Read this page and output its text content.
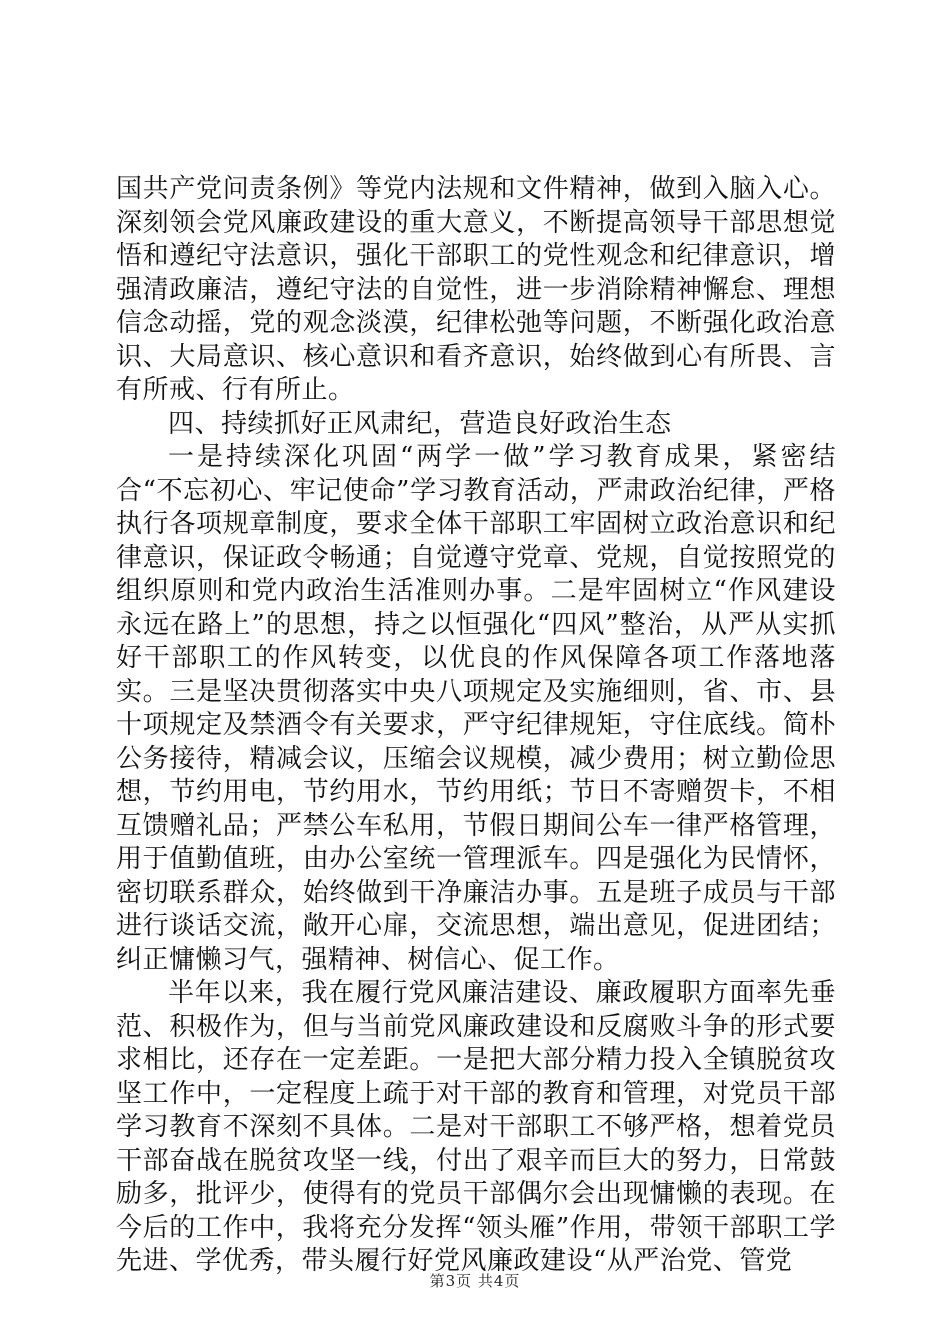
国共产党问责条例》等党内法规和文件精神，做到入脑入心。深刻领会党风廉政建设的重大意义，不断提高领导干部思想觉悟和遵纪守法意识，强化干部职工的党性观念和纪律意识，增强清政廉洁，遵纪守法的自觉性，进一步消除精神懈怠、理想信念动摇，党的观念淡漠，纪律松弛等问题，不断强化政治意识、大局意识、核心意识和看齐意识，始终做到心有所畏、言有所戒、行有所止。

四、持续抓好正风肃纪，营造良好政治生态

一是持续深化巩固“两学一做”学习教育成果，紧密结合“不忘初心、牢记使命”学习教育活动，严肃政治纪律，严格执行各项规章制度，要求全体干部职工牢固树立政治意识和纪律意识，保证政令畅通；自觉遵守党章、党规，自觉按照党的组织原则和党内政治生活准则办事。二是牢固树立“作风建设永远在路上”的思想，持之以恒强化“四风”整治，从严从实抓好干部职工的作风转变，以优良的作风保障各项工作落地落实。三是坚决贯彻落实中央八项规定及实施细则，省、市、县十项规定及禁酒令有关要求，严守纪律规矩，守住底线。简朴公务接待，精减会议，压缩会议规模，减少费用；树立勤俭思想，节约用电，节约用水，节约用纸；节日不寄赠贺卡，不相互馈赠礼品；严禁公车私用，节假日期间公车一律严格管理，用于值勤值班，由办公室统一管理派车。四是强化为民情怀，密切联系群众，始终做到干净廉洁办事。五是班子成员与干部进行谈话交流，敞开心扉，交流思想，端出意见，促进团结；纠正慵懒习气，强精神、树信心、促工作。

半年以来，我在履行党风廉洁建设、廉政履职方面率先垂范、积极作为，但与当前党风廉政建设和反腐败斗争的形式要求相比，还存在一定差距。一是把大部分精力投入全镇脱贫攻坚工作中，一定程度上疏于对干部的教育和管理，对党员干部学习教育不深刻不具体。二是对干部职工不够严格，想着党员干部奋战在脱贫攻坚一线，付出了艰辛而巨大的努力，日常鼓励多，批评少，使得有的党员干部偶尔会出现慵懒的表现。在今后的工作中，我将充分发挥“领头雁”作用，带领干部职工学先进、学优秀，带头履行好党风廉政建设“从严治党、管党

第3页 共4页
